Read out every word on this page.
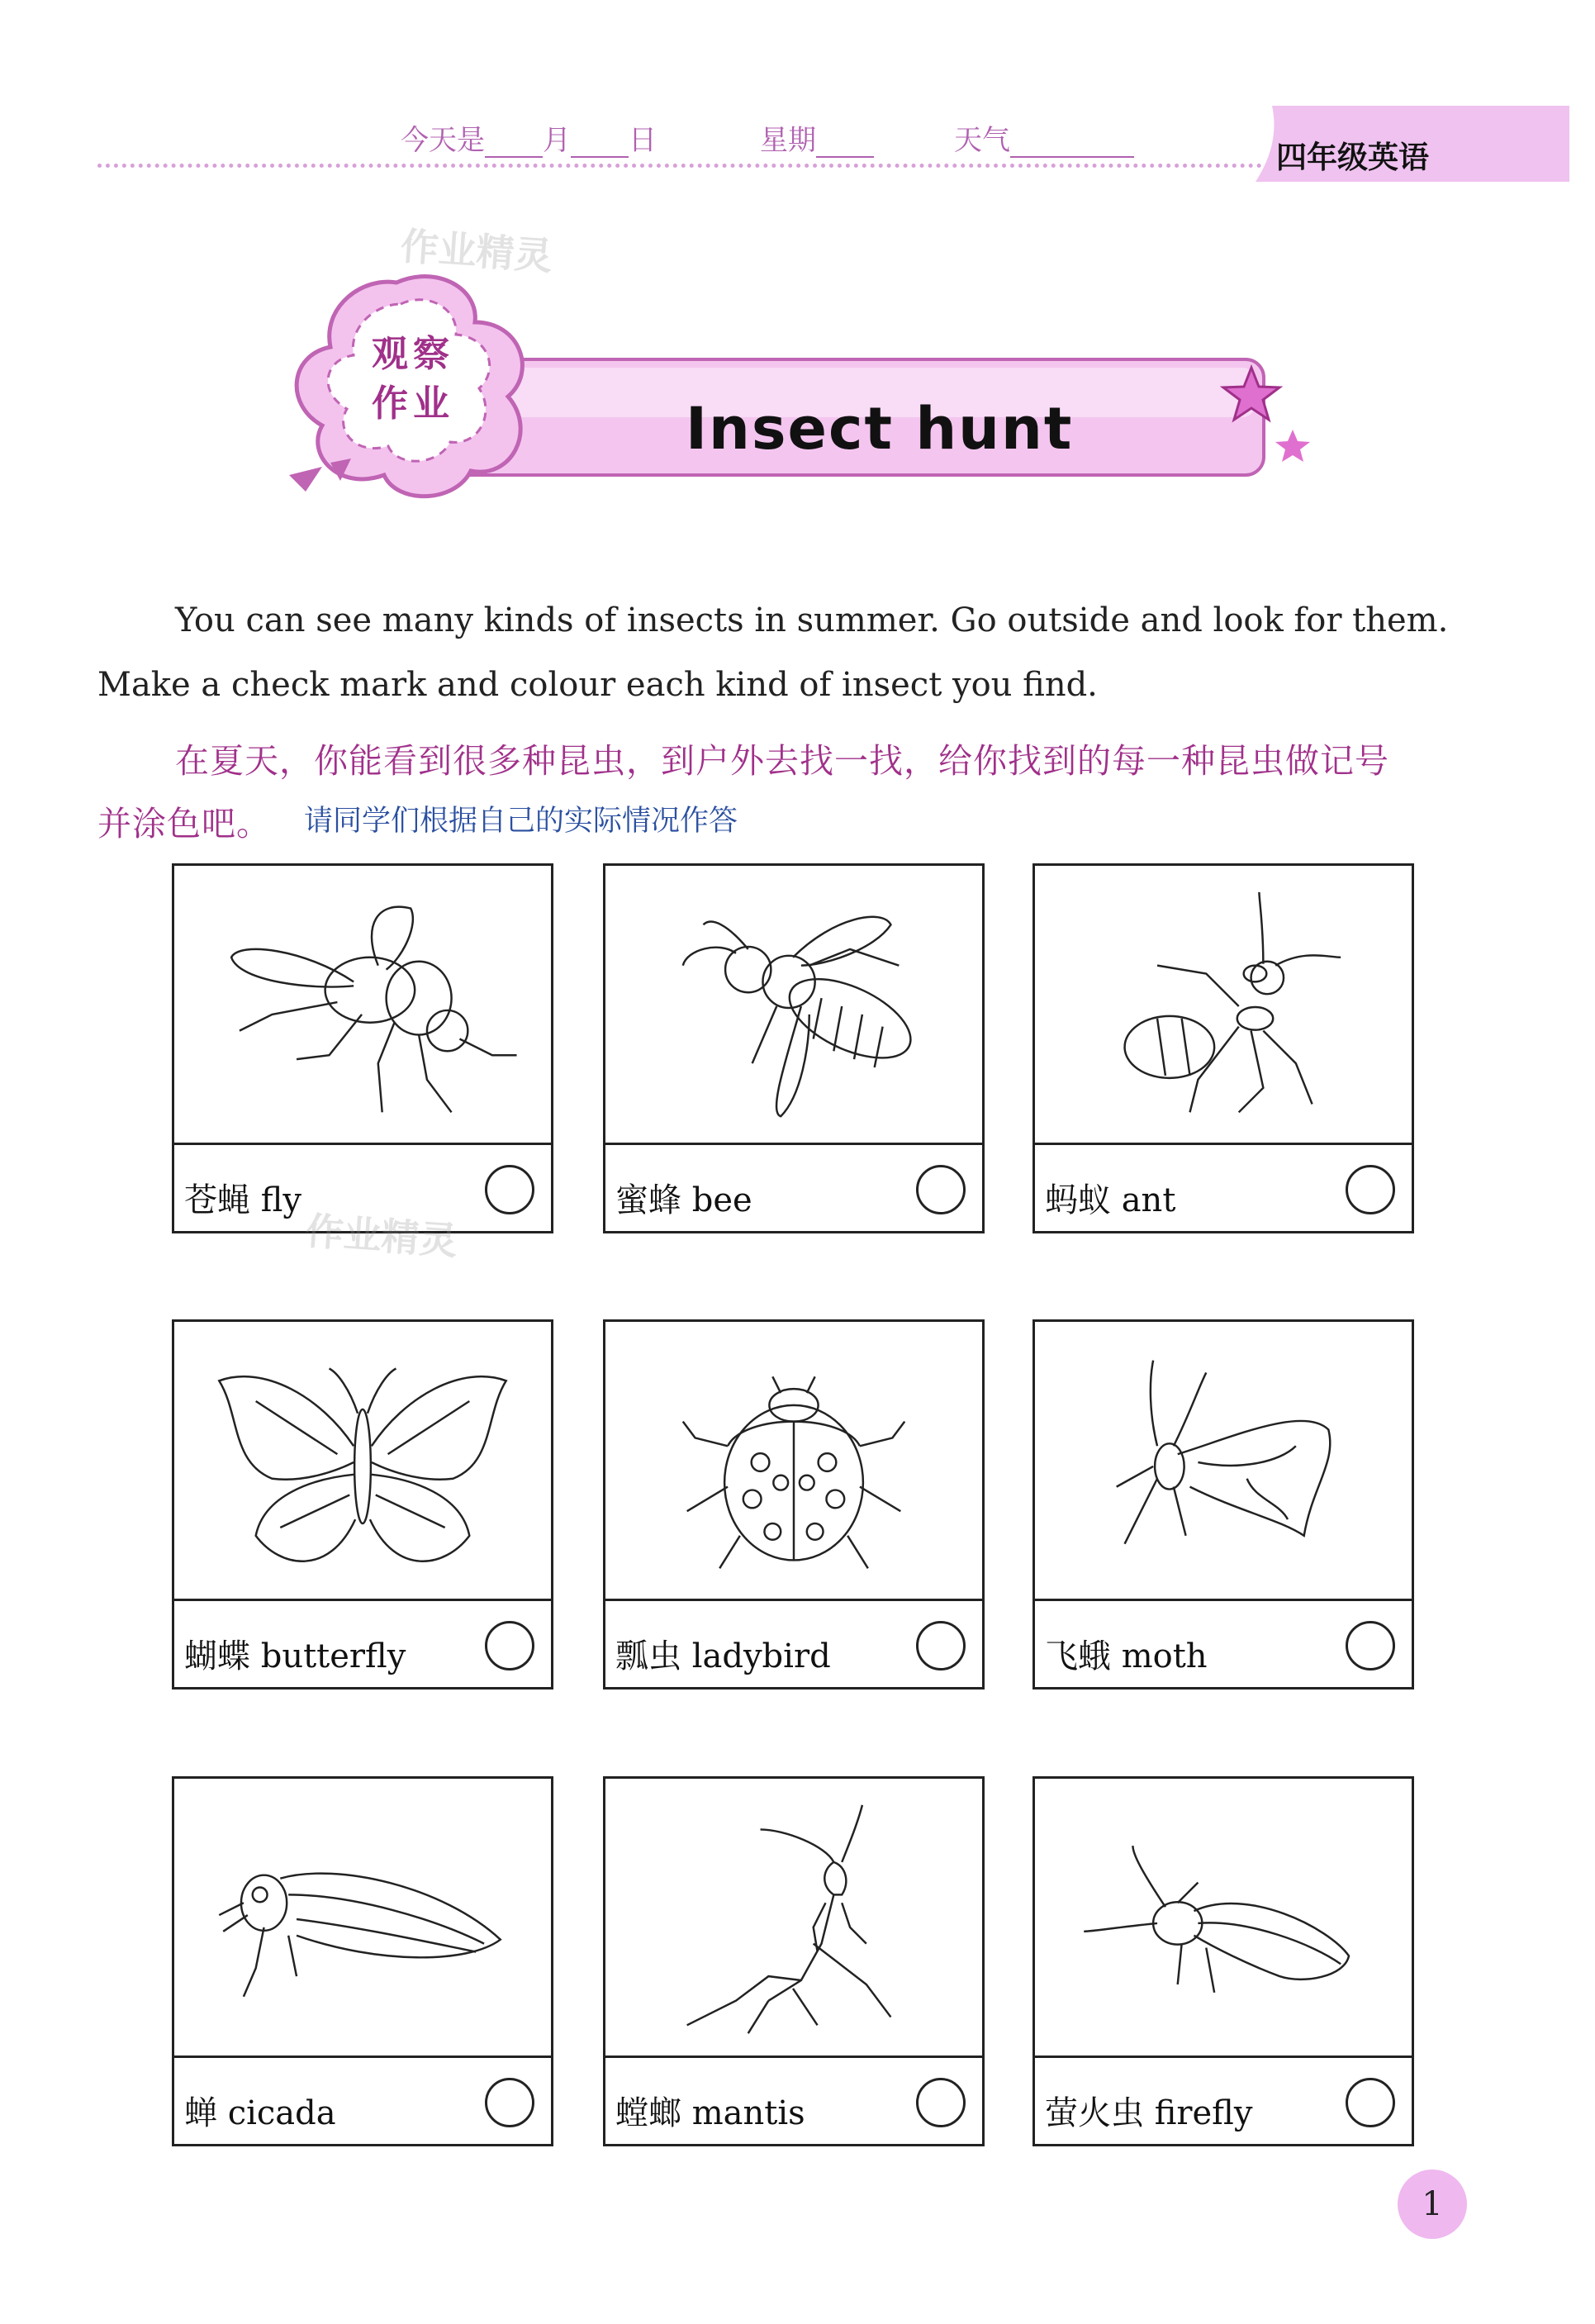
今天是 月 日	星期	天气	四年级英语
作业精灵
观察
作业	Insect hunt
You can see many kinds of insects in summer. Go outside and look for them.
Make a check mark and colour each kind of insect you find.
在夏天，你能看到很多种昆虫，到户外去找一找，给你找到的每一种昆虫做记号
并涂色吧。 请同学们根据自己的实际情况作答
苍蝇 fly
作业精灵
蜜蜂 bee	蚂蚁 ant
蝴蝶 butterfly	瓢虫 ladybird	飞蛾 moth
蝉 cicada	螳螂 mantis	萤火虫 firefly
1
